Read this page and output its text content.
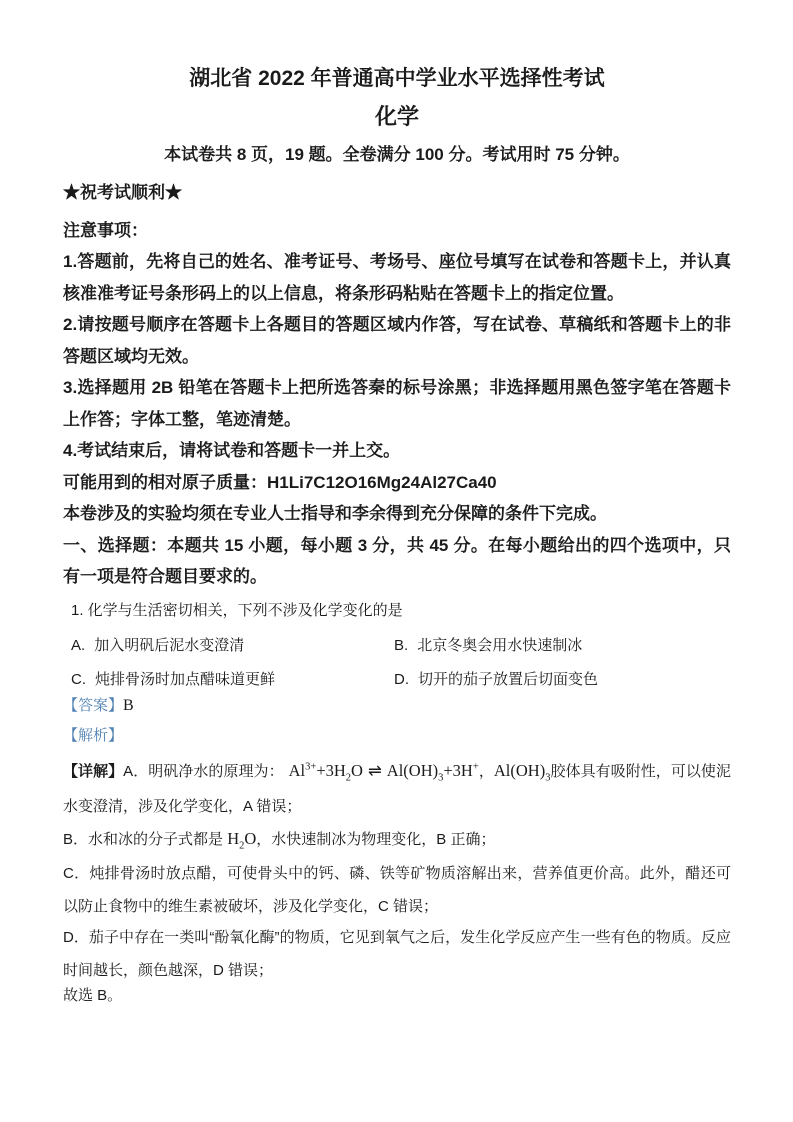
湖北省 2022 年普通高中学业水平选择性考试
化学

本试卷共 8 页，19 题。全卷满分 100 分。考试用时 75 分钟。

★祝考试顺利★

注意事项：

1.答题前，先将自己的姓名、准考证号、考场号、座位号填写在试卷和答题卡上，并认真核准准考证号条形码上的以上信息，将条形码粘贴在答题卡上的指定位置。

2.请按题号顺序在答题卡上各题目的答题区域内作答，写在试卷、草稿纸和答题卡上的非答题区域均无效。

3.选择题用 2B 铅笔在答题卡上把所选答秦的标号涂黑；非选择题用黑色签字笔在答题卡上作答；字体工整，笔迹清楚。

4.考试结束后，请将试卷和答题卡一并上交。

可能用到的相对原子质量：H1Li7C12O16Mg24Al27Ca40

本卷涉及的实验均须在专业人士指导和李余得到充分保障的条件下完成。

一、选择题：本题共 15 小题，每小题 3 分，共 45 分。在每小题给出的四个选项中，只有一项是符合题目要求的。

1. 化学与生活密切相关，下列不涉及化学变化的是

A. 加入明矾后泥水变澄清	B. 北京冬奥会用水快速制冰
C. 炖排骨汤时加点醋味道更鲜	D. 切开的茄子放置后切面变色

【答案】B

【解析】

【详解】A．明矾净水的原理为： $Al^{3+}+3H_2O$ ⇌ $Al(OH)_3+3H^+$，$Al(OH)_3$胶体具有吸附性，可以使泥水变澄清，涉及化学变化，A 错误；

B．水和冰的分子式都是 $H_2O$，水快速制冰为物理变化，B 正确；

C．炖排骨汤时放点醋，可使骨头中的钙、磷、铁等矿物质溶解出来，营养值更价高。此外，醋还可以防止食物中的维生素被破坏，涉及化学变化，C 错误；

D．茄子中存在一类叫“酚氧化酶”的物质，它见到氧气之后，发生化学反应产生一些有色的物质。反应时间越长，颜色越深，D 错误；

故选 B。
